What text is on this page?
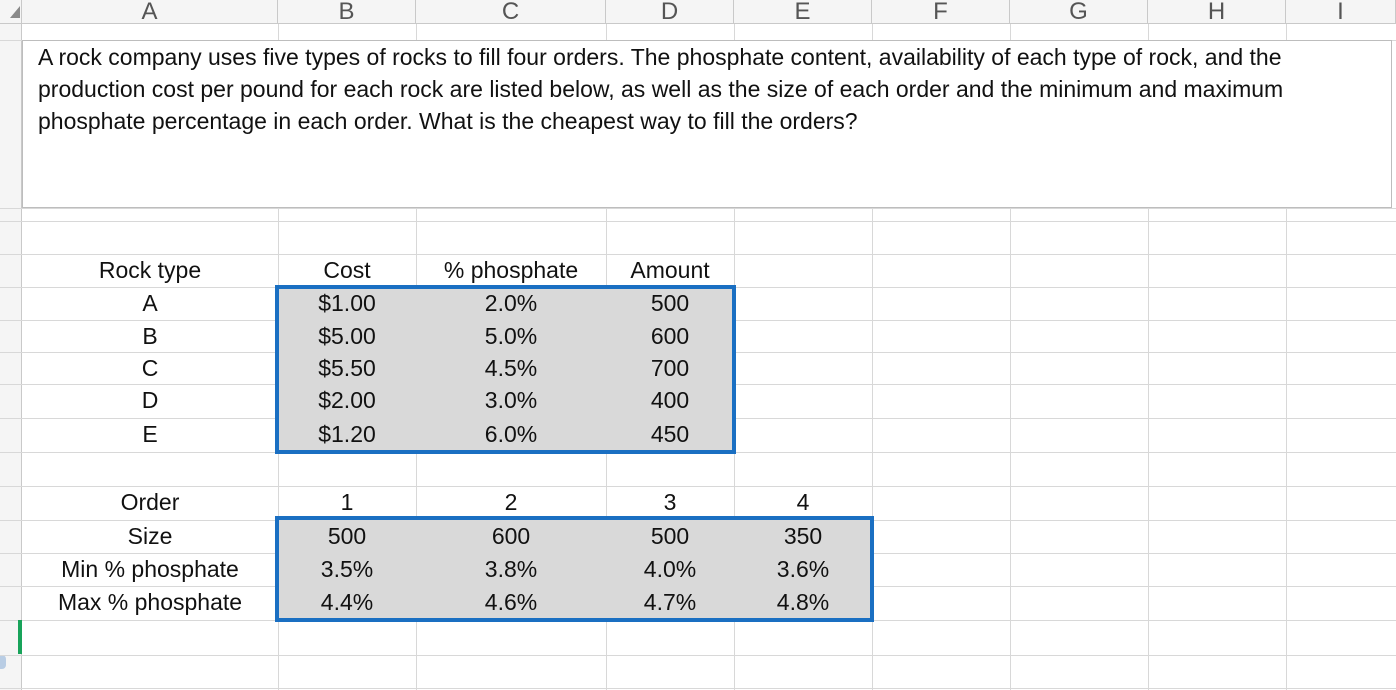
A	B	C	D	E	F	G	H	I
A rock company uses five types of rocks to fill four orders. The phosphate content, availability of each type of rock, and the production cost per pound for each rock are listed below, as well as the size of each order and the minimum and maximum phosphate percentage in each order. What is the cheapest way to fill the orders?
Rock type	Cost	% phosphate	Amount
A	$1.00	2.0%	500
B	$5.00	5.0%	600
C	$5.50	4.5%	700
D	$2.00	3.0%	400
E	$1.20	6.0%	450
Order	1	2	3	4
Size	500	600	500	350
Min % phosphate	3.5%	3.8%	4.0%	3.6%
Max % phosphate	4.4%	4.6%	4.7%	4.8%
